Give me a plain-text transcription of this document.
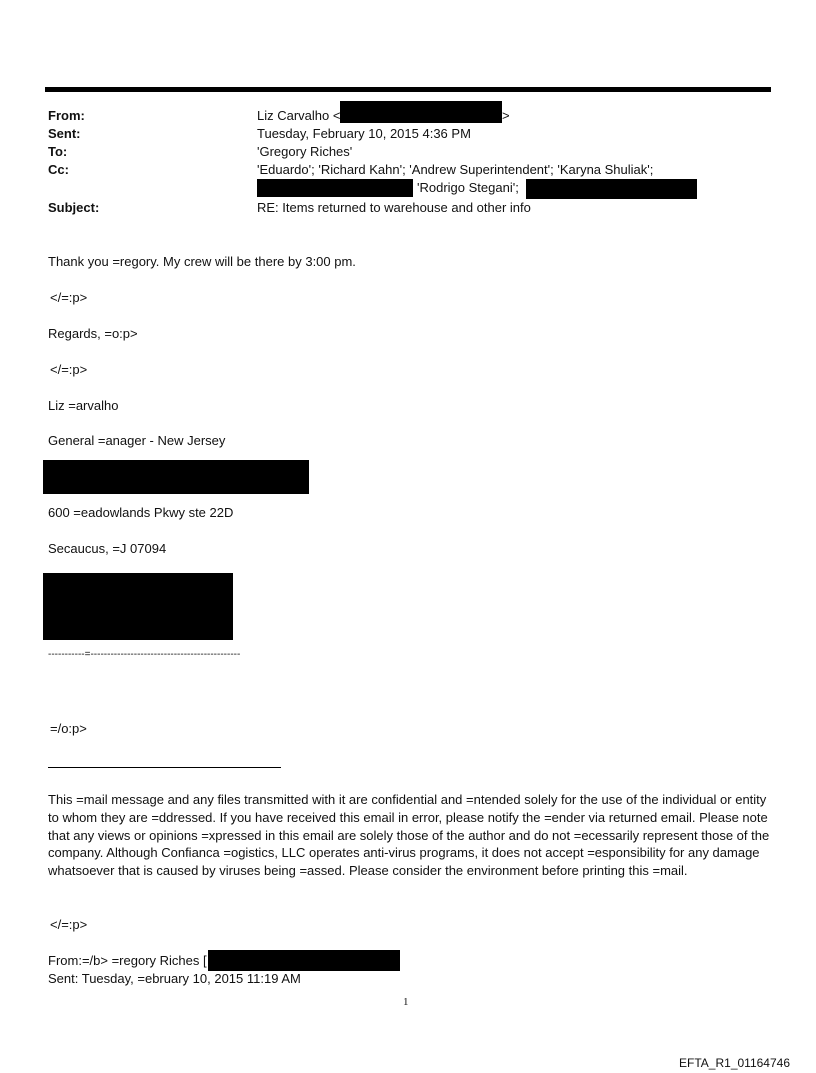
From:	Liz Carvalho <	>
Sent:	Tuesday, February 10, 2015 4:36 PM
To:	'Gregory Riches'
Cc:	'Eduardo'; 'Richard Kahn'; 'Andrew Superintendent'; 'Karyna Shuliak';
'Rodrigo Stegani';
Subject:	RE: Items returned to warehouse and other info
Thank you =regory. My crew will be there by 3:00 pm.
</=:p>
Regards, =o:p>
</=:p>
Liz =arvalho
General =anager - New Jersey
600 =eadowlands Pkwy ste 22D
Secaucus, =J 07094
-----------=---------------------------------------------
=/o:p>
This =mail message and any files transmitted with it are confidential and =ntended solely for the use of the individual or entity to whom they are =ddressed. If you have received this email in error, please notify the =ender via returned email. Please note that any views or opinions =xpressed in this email are solely those of the author and do not =ecessarily represent those of the company. Although Confianca =ogistics, LLC operates anti-virus programs, it does not accept =esponsibility for any damage whatsoever that is caused by viruses being =assed. Please consider the environment before printing this =mail.
</=:p>
From:=/b> =regory Riches [
Sent: Tuesday, =ebruary 10, 2015 11:19 AM
1
EFTA_R1_01164746
